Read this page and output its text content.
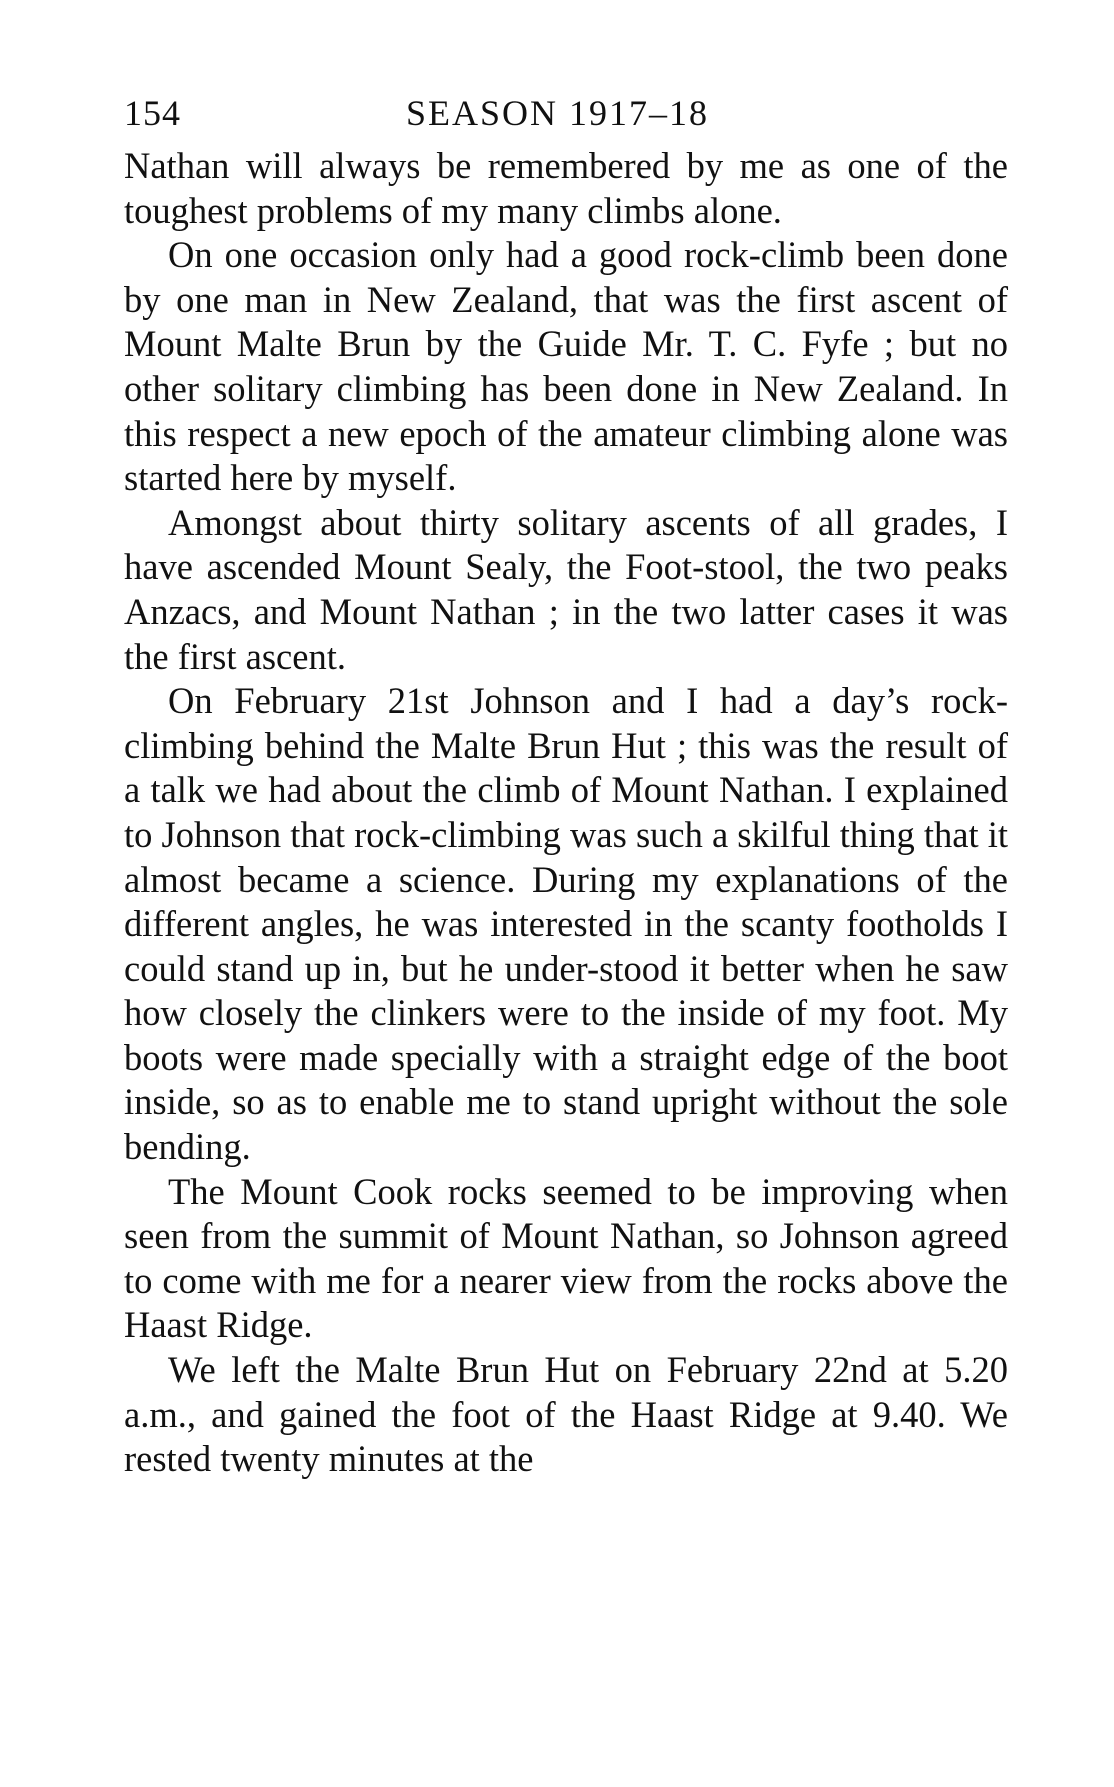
154	SEASON 1917–18

Nathan will always be remembered by me as one of the toughest problems of my many climbs alone.

On one occasion only had a good rock-climb been done by one man in New Zealand, that was the first ascent of Mount Malte Brun by the Guide Mr. T. C. Fyfe ; but no other solitary climbing has been done in New Zealand. In this respect a new epoch of the amateur climbing alone was started here by myself.

Amongst about thirty solitary ascents of all grades, I have ascended Mount Sealy, the Foot-stool, the two peaks Anzacs, and Mount Nathan ; in the two latter cases it was the first ascent.

On February 21st Johnson and I had a day’s rock-climbing behind the Malte Brun Hut ; this was the result of a talk we had about the climb of Mount Nathan. I explained to Johnson that rock-climbing was such a skilful thing that it almost became a science. During my explanations of the different angles, he was interested in the scanty footholds I could stand up in, but he under-stood it better when he saw how closely the clinkers were to the inside of my foot. My boots were made specially with a straight edge of the boot inside, so as to enable me to stand upright without the sole bending.

The Mount Cook rocks seemed to be improving when seen from the summit of Mount Nathan, so Johnson agreed to come with me for a nearer view from the rocks above the Haast Ridge.

We left the Malte Brun Hut on February 22nd at 5.20 a.m., and gained the foot of the Haast Ridge at 9.40. We rested twenty minutes at the
